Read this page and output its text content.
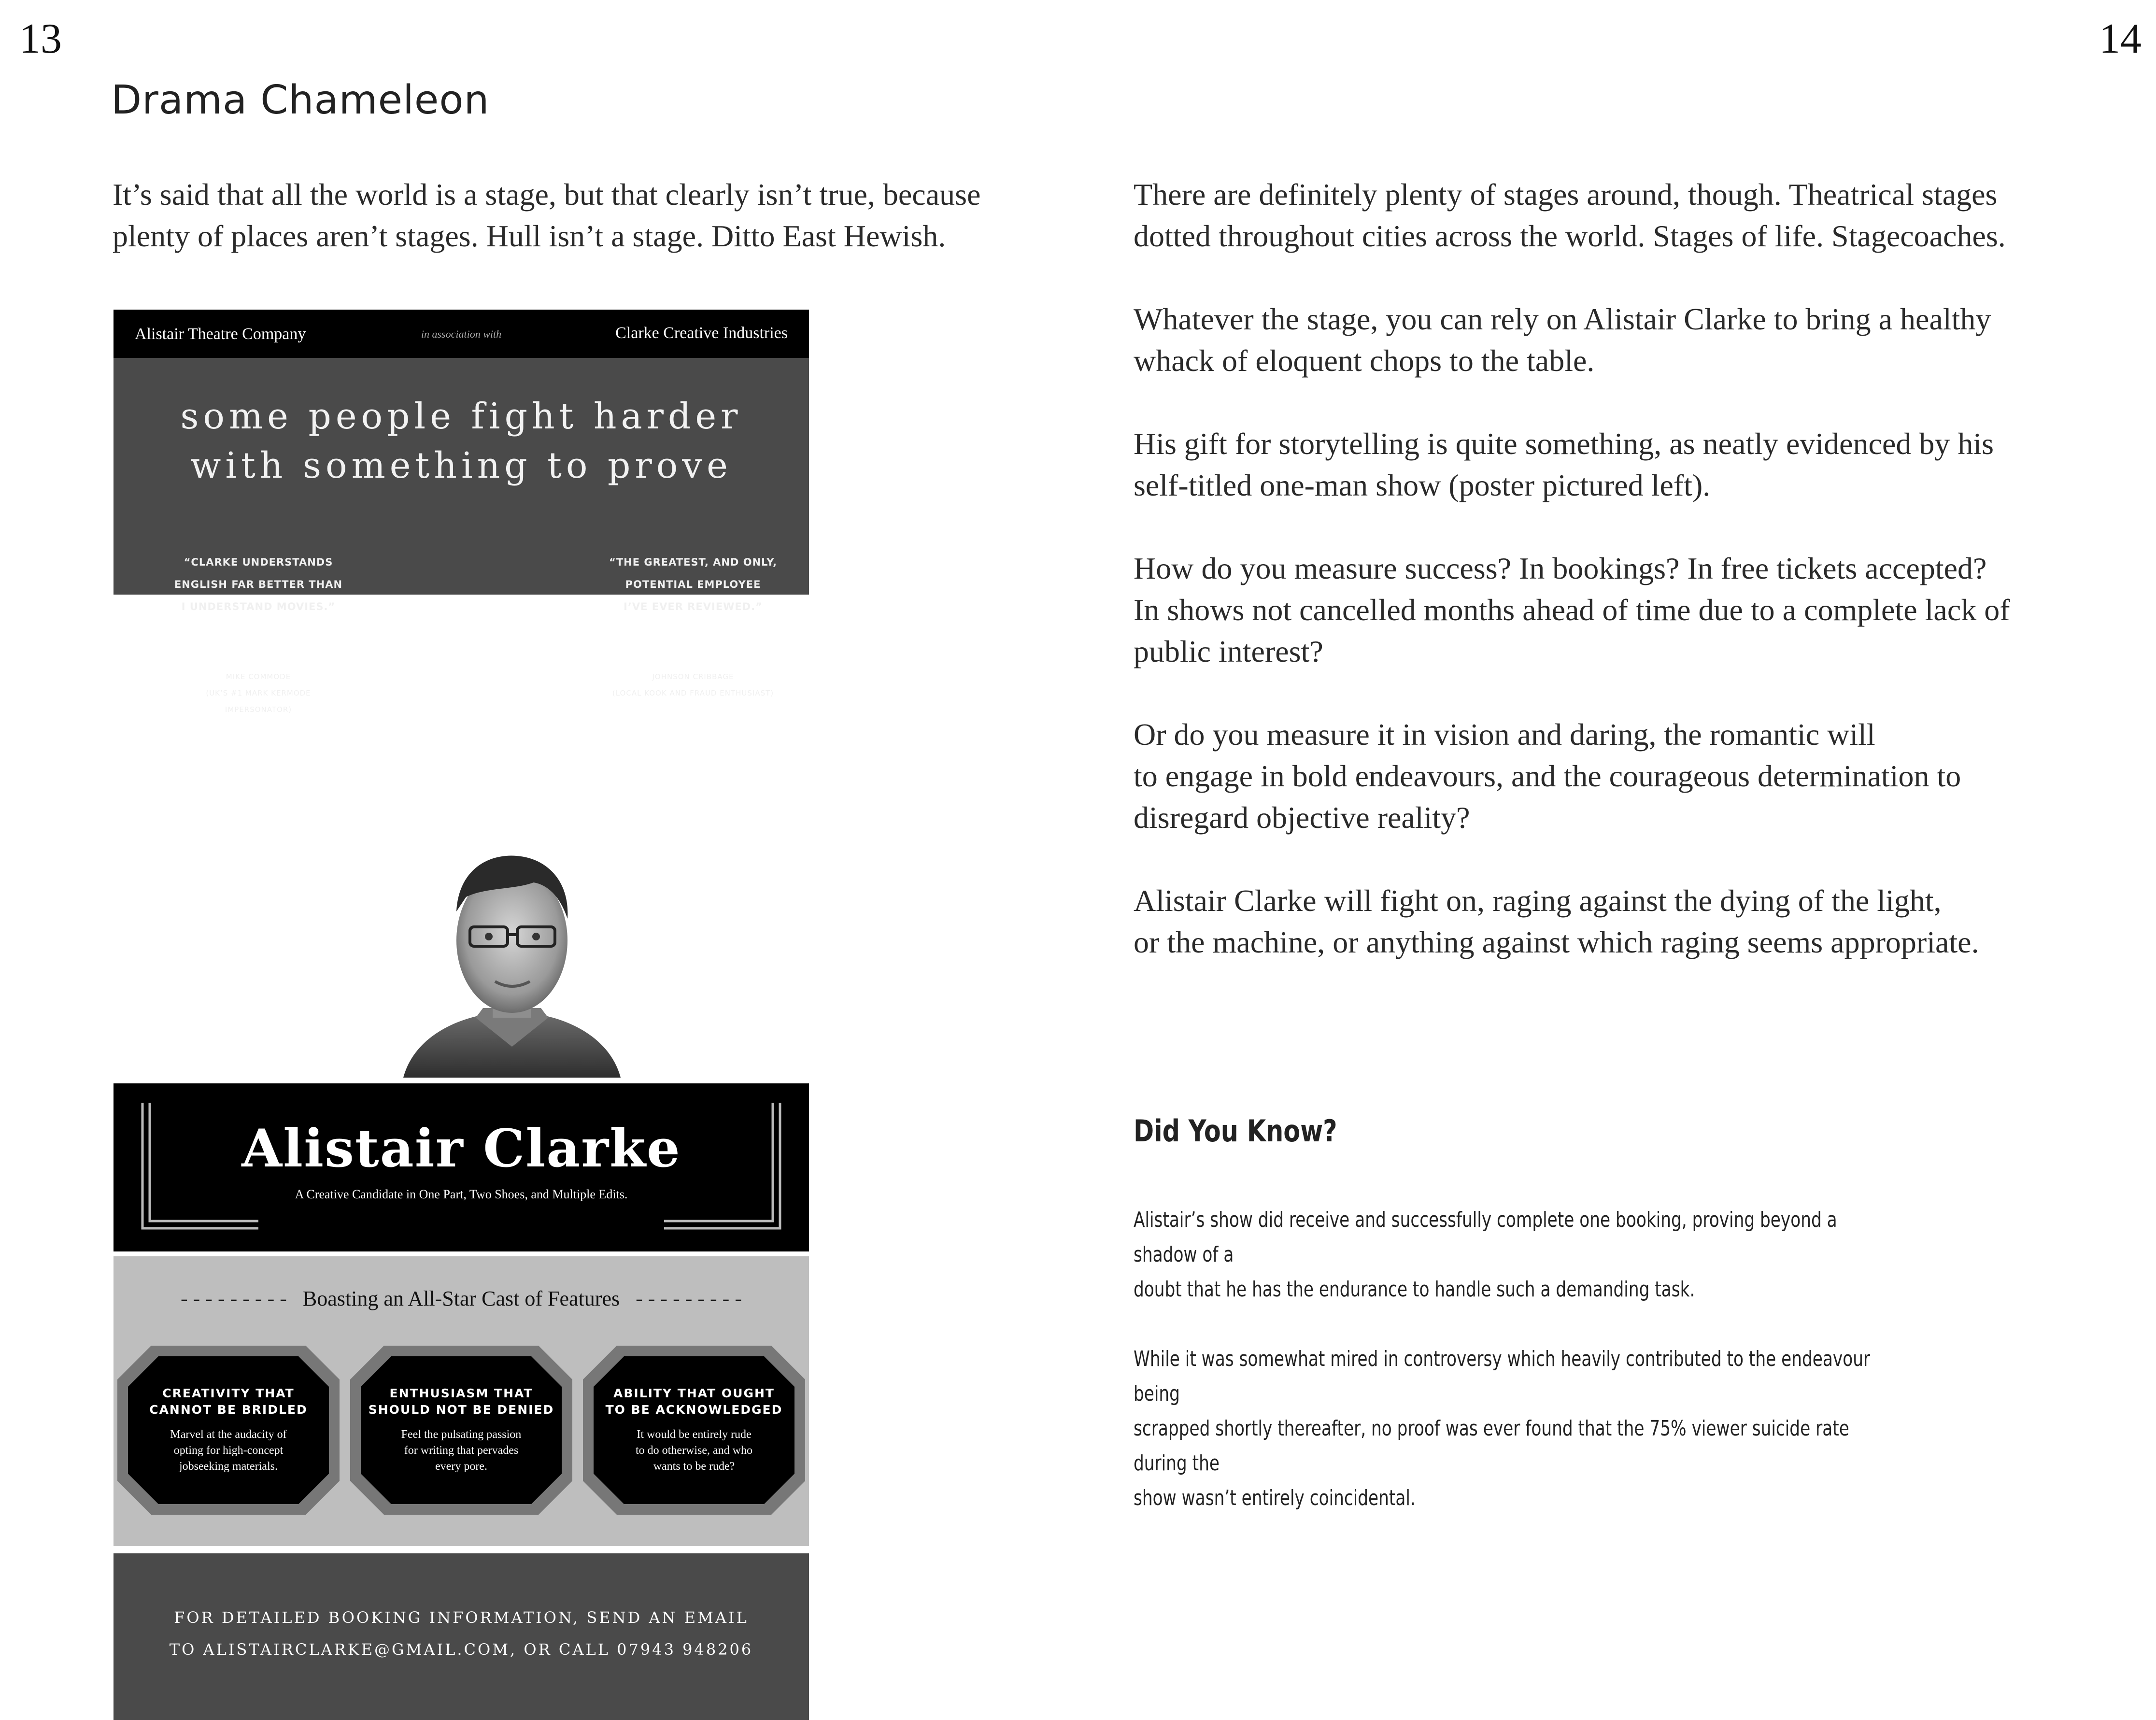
13	14
Drama Chameleon

It’s said that all the world is a stage, but that clearly isn’t true, because
plenty of places aren’t stages. Hull isn’t a stage. Ditto East Hewish.

Alistair Theatre Company	in association with	Clarke Creative Industries
some people fight harder
with something to prove
“CLARKE UNDERSTANDS
ENGLISH FAR BETTER THAN
I UNDERSTAND MOVIES.”
★★★★★
MIKE COMMODE
(UK’S #1 MARK KERMODE IMPERSONATOR)
“THE GREATEST, AND ONLY,
POTENTIAL EMPLOYEE
I’VE EVER REVIEWED.”
★★★★★
JOHNSON CRIBBAGE
(LOCAL KOOK AND FRAUD ENTHUSIAST)
Alistair Clarke
A Creative Candidate in One Part, Two Shoes, and Multiple Edits.
- - - - - - - - -   Boasting an All-Star Cast of Features   - - - - - - - - -
CREATIVITY THAT
CANNOT BE BRIDLED
Marvel at the audacity of
opting for high-concept
jobseeking materials.
ENTHUSIASM THAT
SHOULD NOT BE DENIED
Feel the pulsating passion
for writing that pervades
every pore.
ABILITY THAT OUGHT
TO BE ACKNOWLEDGED
It would be entirely rude
to do otherwise, and who
wants to be rude?
FOR DETAILED BOOKING INFORMATION, SEND AN EMAIL
TO ALISTAIRCLARKE@GMAIL.COM, OR CALL 07943 948206

There are definitely plenty of stages around, though. Theatrical stages
dotted throughout cities across the world. Stages of life. Stagecoaches.

Whatever the stage, you can rely on Alistair Clarke to bring a healthy
whack of eloquent chops to the table.

His gift for storytelling is quite something, as neatly evidenced by his
self-titled one-man show (poster pictured left).

How do you measure success? In bookings? In free tickets accepted?
In shows not cancelled months ahead of time due to a complete lack of
public interest?

Or do you measure it in vision and daring, the romantic will
to engage in bold endeavours, and the courageous determination to
disregard objective reality?

Alistair Clarke will fight on, raging against the dying of the light,
or the machine, or anything against which raging seems appropriate.

Did You Know?

Alistair’s show did receive and successfully complete one booking, proving beyond a shadow of a
doubt that he has the endurance to handle such a demanding task.

While it was somewhat mired in controversy which heavily contributed to the endeavour being
scrapped shortly thereafter, no proof was ever found that the 75% viewer suicide rate during the
show wasn’t entirely coincidental.
